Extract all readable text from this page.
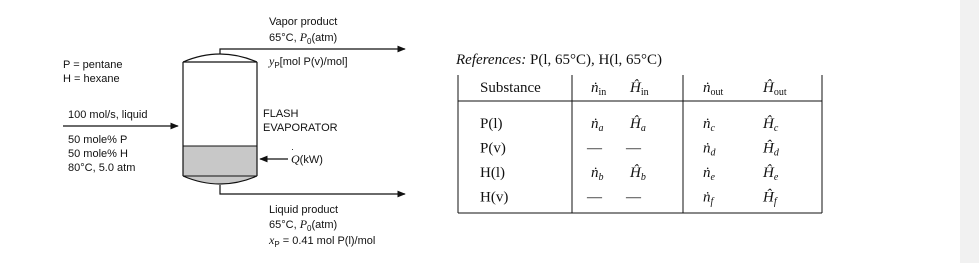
P = pentane
H = hexane
100 mol/s, liquid
50 mole% P
50 mole% H
80°C, 5.0 atm
FLASH
EVAPORATOR
Q(kW)
·
Vapor product
65°C, $P_0(atm)$
$y_P[mol$ P(v)/mol]
Liquid product
65°C, $P_0(atm)$
$x_P = 0.41$ mol P(l)/mol
References: P(l, 65°C), H(l, 65°C)
Substance	ṅ$_{in}$ $Ĥ_{in}$	ṅ$_{out}$	$Ĥ_{out}$
P(l)	ṅ$_a$ $Ĥ_a$	ṅ$_c$	$Ĥ_c$
P(v)	— —	ṅ$_d$	$Ĥ_d$
H(l)	ṅ$_b$ $Ĥ_b$	ṅ$_e$	$Ĥ_e$
H(v)	— —	ṅ$_f$	$Ĥ_f$
